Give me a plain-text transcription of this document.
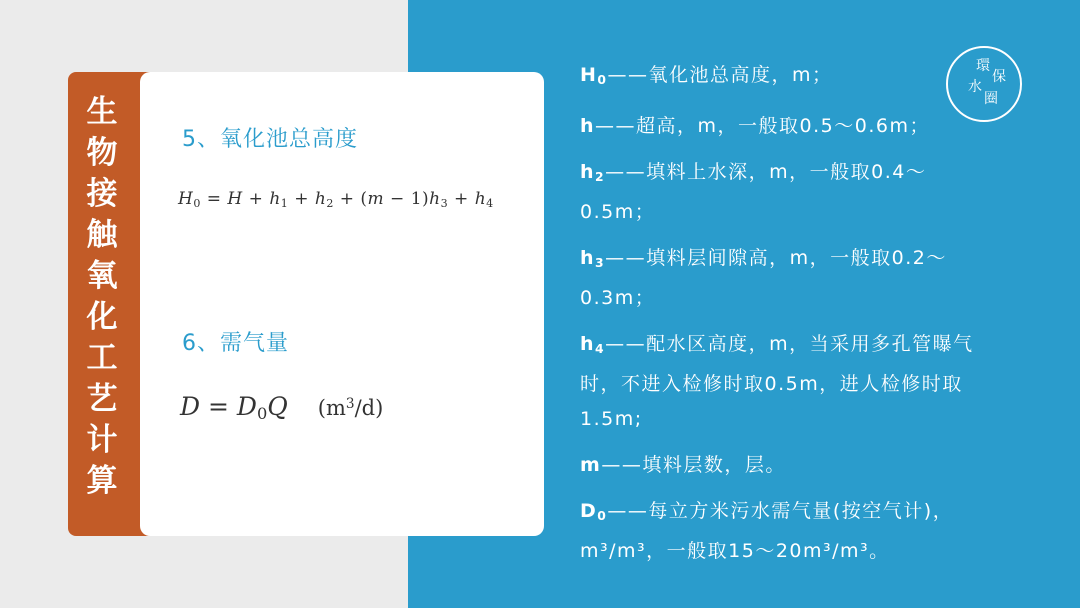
生
物
接
触
氧
化
工
艺
计
算
5、氧化池总高度
$H_0 = H + h_1 + h_2 + (m - 1)h_3 + h_4$
6、需气量
$D = D_0Q$ $(m^3/d)$
$H_0——$氧化池总高度，m；
h——超高，m，一般取0.5～0.6m；
$h_2——$填料上水深，m，一般取0.4～0.5m；
$h_3——$填料层间隙高，m，一般取0.2～0.3m；
$h_4——$配水区高度，m，当采用多孔管曝气时，不进入检修时取0.5m，进人检修时取1.5m;
m——填料层数，层。
$D_0——$每立方米污水需气量(按空气计)，m³/m³，一般取15～20m³/m³。
環
保
水
圈
